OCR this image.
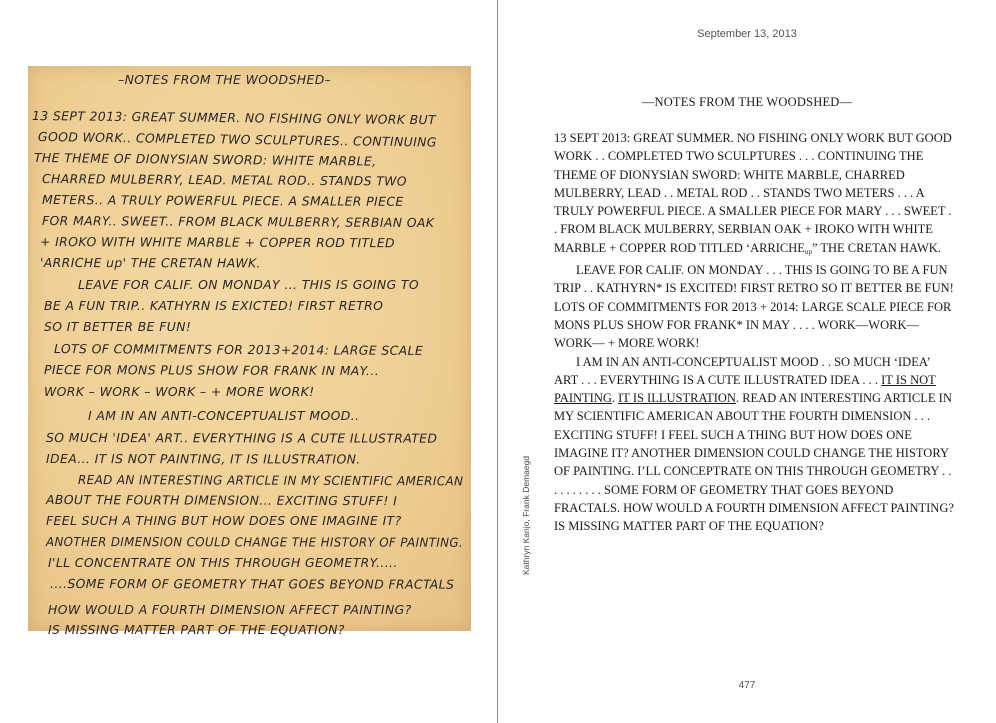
–NOTES FROM THE WOODSHED–
13 SEPT 2013: GREAT SUMMER. NO FISHING ONLY WORK BUT
GOOD WORK.. COMPLETED TWO SCULPTURES.. CONTINUING
THE THEME OF DIONYSIAN SWORD: WHITE MARBLE,
CHARRED MULBERRY, LEAD. METAL ROD.. STANDS TWO
METERS.. A TRULY POWERFUL PIECE. A SMALLER PIECE
FOR MARY.. SWEET.. FROM BLACK MULBERRY, SERBIAN OAK
+ IROKO WITH WHITE MARBLE + COPPER ROD TITLED
'ARRICHE up' THE CRETAN HAWK.
LEAVE FOR CALIF. ON MONDAY ... THIS IS GOING TO
BE A FUN TRIP.. KATHYRN IS EXICTED! FIRST RETRO
SO IT BETTER BE FUN!
LOTS OF COMMITMENTS FOR 2013+2014: LARGE SCALE
PIECE FOR MONS PLUS SHOW FOR FRANK IN MAY...
WORK – WORK – WORK – + MORE WORK!
I AM IN AN ANTI-CONCEPTUALIST MOOD..
SO MUCH 'IDEA' ART.. EVERYTHING IS A CUTE ILLUSTRATED
IDEA... IT IS NOT PAINTING, IT IS ILLUSTRATION.
READ AN INTERESTING ARTICLE IN MY SCIENTIFIC AMERICAN
ABOUT THE FOURTH DIMENSION... EXCITING STUFF! I
FEEL SUCH A THING BUT HOW DOES ONE IMAGINE IT?
ANOTHER DIMENSION COULD CHANGE THE HISTORY OF PAINTING.
I'LL CONCENTRATE ON THIS THROUGH GEOMETRY.....
....SOME FORM OF GEOMETRY THAT GOES BEYOND FRACTALS
HOW WOULD A FOURTH DIMENSION AFFECT PAINTING?
IS MISSING MATTER PART OF THE EQUATION?
September 13, 2013
Kathryn Kanjo, Frank Demaegd
—NOTES FROM THE WOODSHED—

13 SEPT 2013: GREAT SUMMER. NO FISHING ONLY WORK BUT GOOD WORK . . COMPLETED TWO SCULPTURES . . . CONTINUING THE THEME OF DIONYSIAN SWORD: WHITE MARBLE, CHARRED MULBERRY, LEAD . . METAL ROD . . STANDS TWO METERS . . . A TRULY POWERFUL PIECE. A SMALLER PIECE FOR MARY . . . SWEET . . FROM BLACK MULBERRY, SERBIAN OAK + IROKO WITH WHITE MARBLE + COPPER ROD TITLED ‘$ARRICHE_{up}$” THE CRETAN HAWK.

LEAVE FOR CALIF. ON MONDAY . . . THIS IS GOING TO BE A FUN TRIP . . KATHYRN* IS EXCITED! FIRST RETRO SO IT BETTER BE FUN!

LOTS OF COMMITMENTS FOR 2013 + 2014: LARGE SCALE PIECE FOR MONS PLUS SHOW FOR FRANK* IN MAY . . . . WORK—WORK—WORK— + MORE WORK!

I AM IN AN ANTI-CONCEPTUALIST MOOD . . SO MUCH ‘IDEA’ ART . . . EVERYTHING IS A CUTE ILLUSTRATED IDEA . . . IT IS NOT PAINTING. IT IS ILLUSTRATION. READ AN INTERESTING ARTICLE IN MY SCIENTIFIC AMERICAN ABOUT THE FOURTH DIMENSION . . . EXCITING STUFF! I FEEL SUCH A THING BUT HOW DOES ONE IMAGINE IT? ANOTHER DIMENSION COULD CHANGE THE HISTORY OF PAINTING. I’LL CONCEPTRATE ON THIS THROUGH GEOMETRY . . . . . . . . . . SOME FORM OF GEOMETRY THAT GOES BEYOND FRACTALS. HOW WOULD A FOURTH DIMENSION AFFECT PAINTING? IS MISSING MATTER PART OF THE EQUATION?

477
